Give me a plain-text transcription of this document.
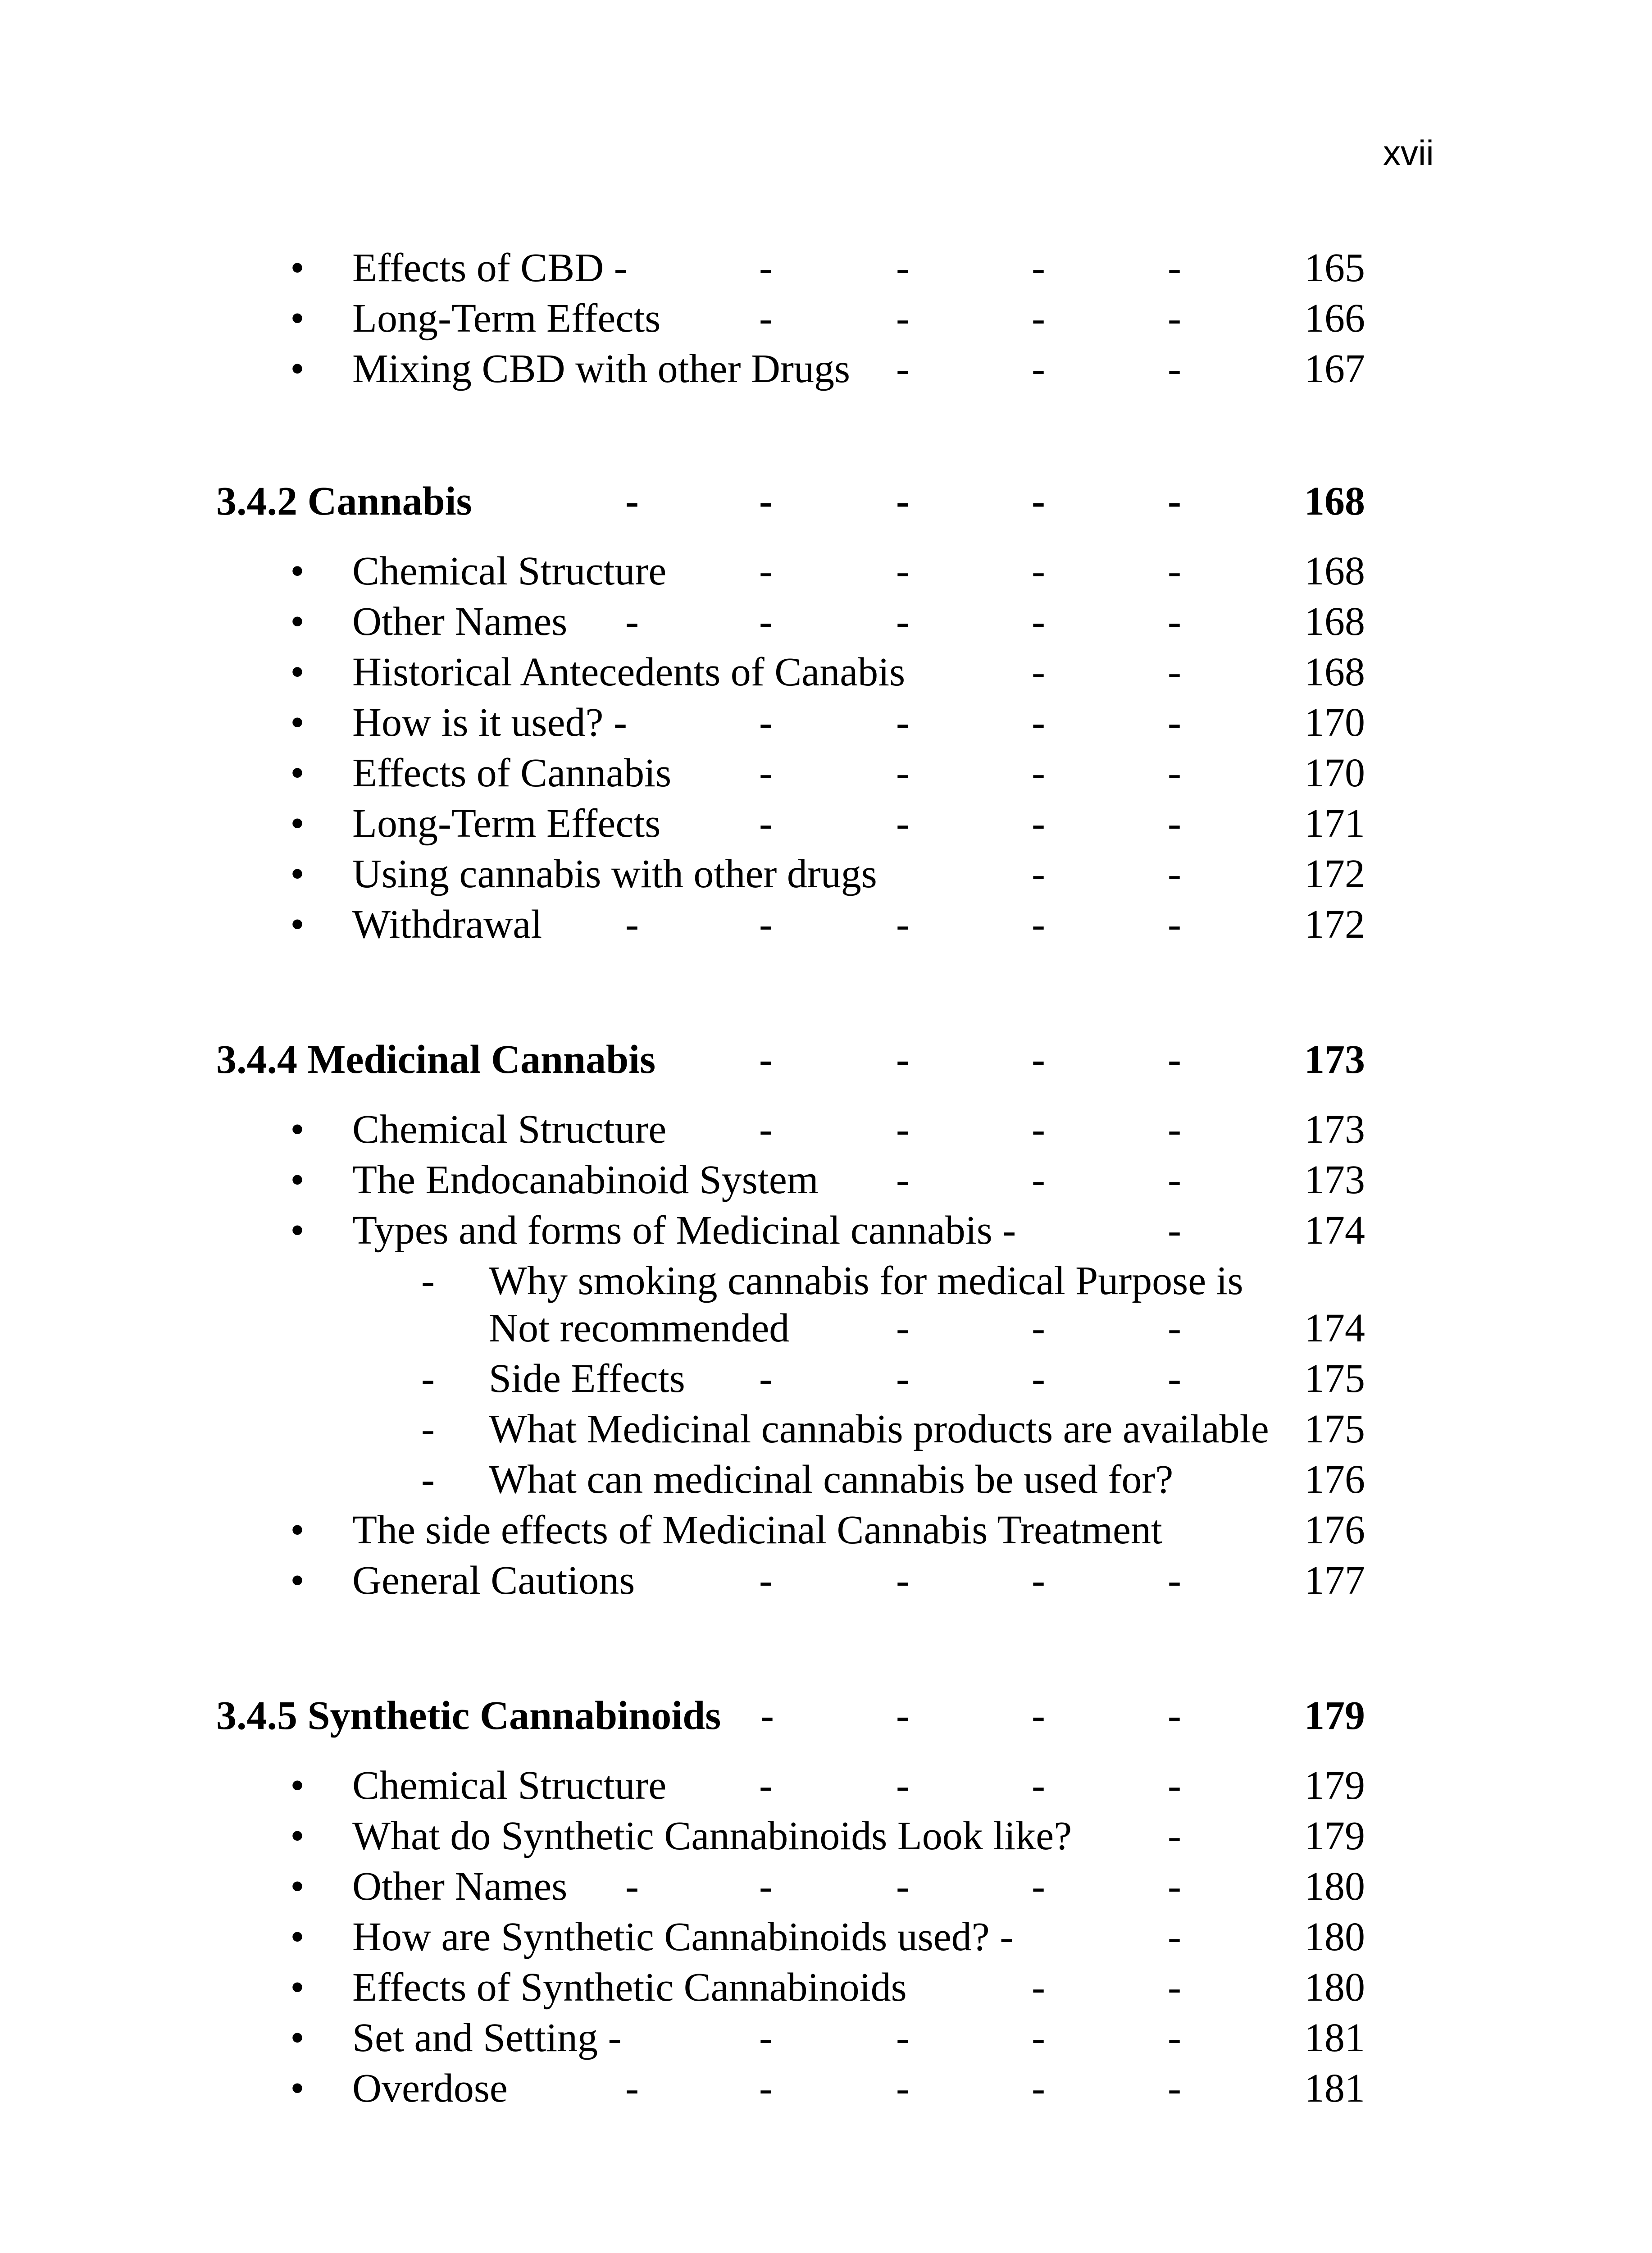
xvii
•
Effects of CBD - - - - -	165
•
Long-Term Effects - - - -	166
•
Mixing CBD with other Drugs - - -	167
3.4.2 Cannabis - - - - -	168
•
Chemical Structure - - - -	168
•
Other Names - - - - -	168
•
Historical Antecedents of Canabis - -	168
•
How is it used? - - - - -	170
•
Effects of Cannabis - - - -	170
•
Long-Term Effects - - - -	171
•
Using cannabis with other drugs - -	172
•
Withdrawal - - - - -	172
3.4.4 Medicinal Cannabis - - - -	173
•
Chemical Structure - - - -	173
•
The Endocanabinoid System - - -	173
•
Types and forms of Medicinal cannabis - -	174
-
Why smoking cannabis for medical Purpose is
Not recommended - - -	174
-
Side Effects - - - -	175
-
What Medicinal cannabis products are available 175
-
What can medicinal cannabis be used for?	176
•
The side effects of Medicinal Cannabis Treatment	176
•
General Cautions - - - -	177
3.4.5 Synthetic Cannabinoids - - - -	179
•
Chemical Structure - - - -	179
•
What do Synthetic Cannabinoids Look like? -	179
•
Other Names - - - - -	180
•
How are Synthetic Cannabinoids used? - -	180
•
Effects of Synthetic Cannabinoids - -	180
•
Set and Setting - - - - -	181
•
Overdose - - - - -	181
